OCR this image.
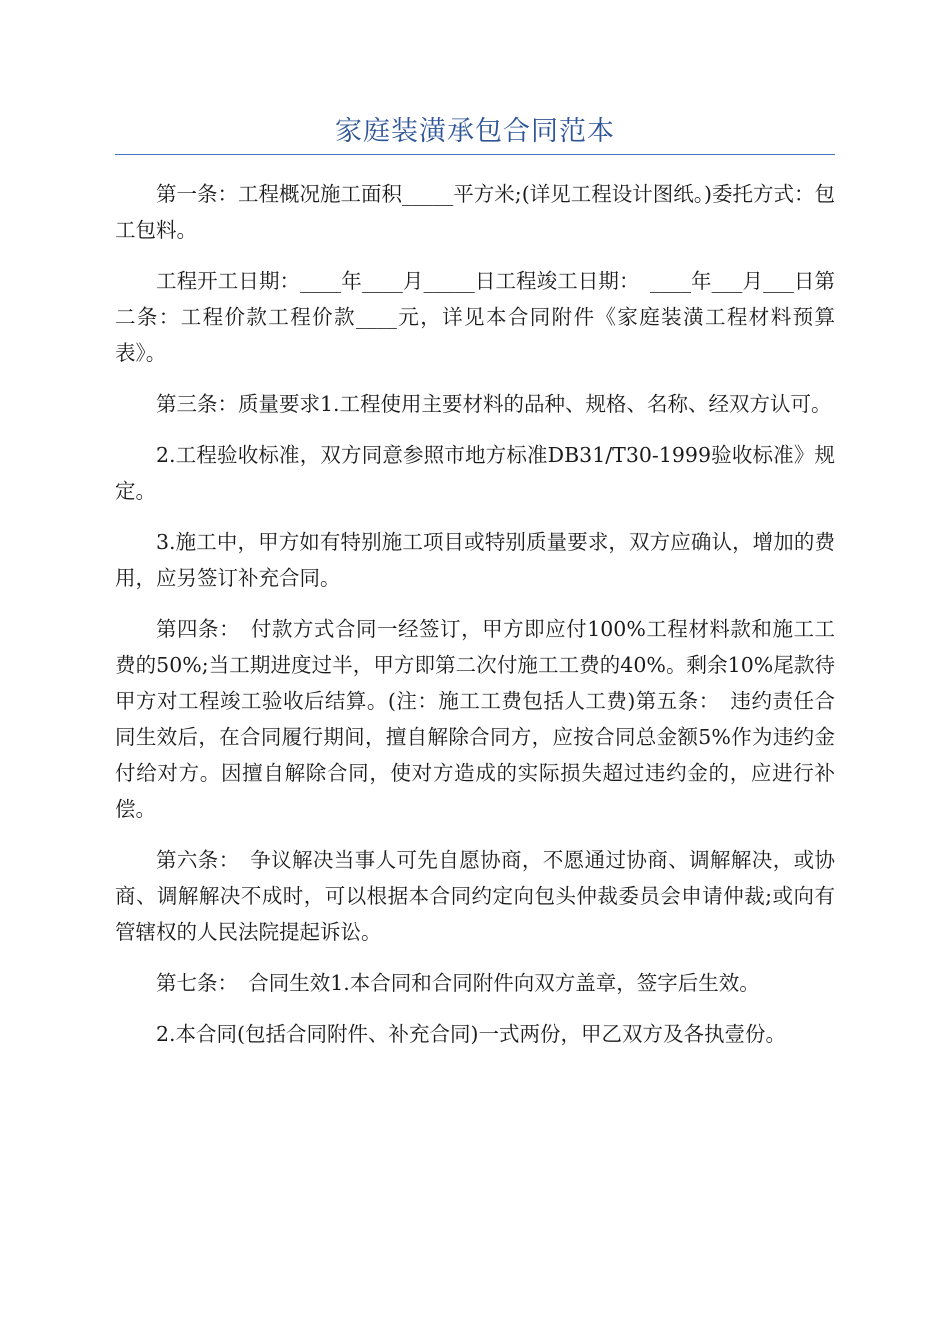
家庭装潢承包合同范本

第一条：工程概况施工面积_____平方米;(详见工程设计图纸。)委托方式：包工包料。

工程开工日期：____年____月_____日工程竣工日期：　____年___月___日第二条：工程价款工程价款____元，详见本合同附件《家庭装潢工程材料预算表》。

第三条：质量要求1.工程使用主要材料的品种、规格、名称、经双方认可。

2.工程验收标准，双方同意参照市地方标准DB31/T30-1999验收标准》规定。

3.施工中，甲方如有特别施工项目或特别质量要求，双方应确认，增加的费用，应另签订补充合同。

第四条：　付款方式合同一经签订，甲方即应付100%工程材料款和施工工费的50%;当工期进度过半，甲方即第二次付施工工费的40%。剩余10%尾款待甲方对工程竣工验收后结算。(注：施工工费包括人工费)第五条：　违约责任合同生效后，在合同履行期间，擅自解除合同方，应按合同总金额5%作为违约金付给对方。因擅自解除合同，使对方造成的实际损失超过违约金的，应进行补偿。

第六条：　争议解决当事人可先自愿协商，不愿通过协商、调解解决，或协商、调解解决不成时，可以根据本合同约定向包头仲裁委员会申请仲裁;或向有管辖权的人民法院提起诉讼。

第七条：　合同生效1.本合同和合同附件向双方盖章，签字后生效。

2.本合同(包括合同附件、补充合同)一式两份，甲乙双方及各执壹份。
